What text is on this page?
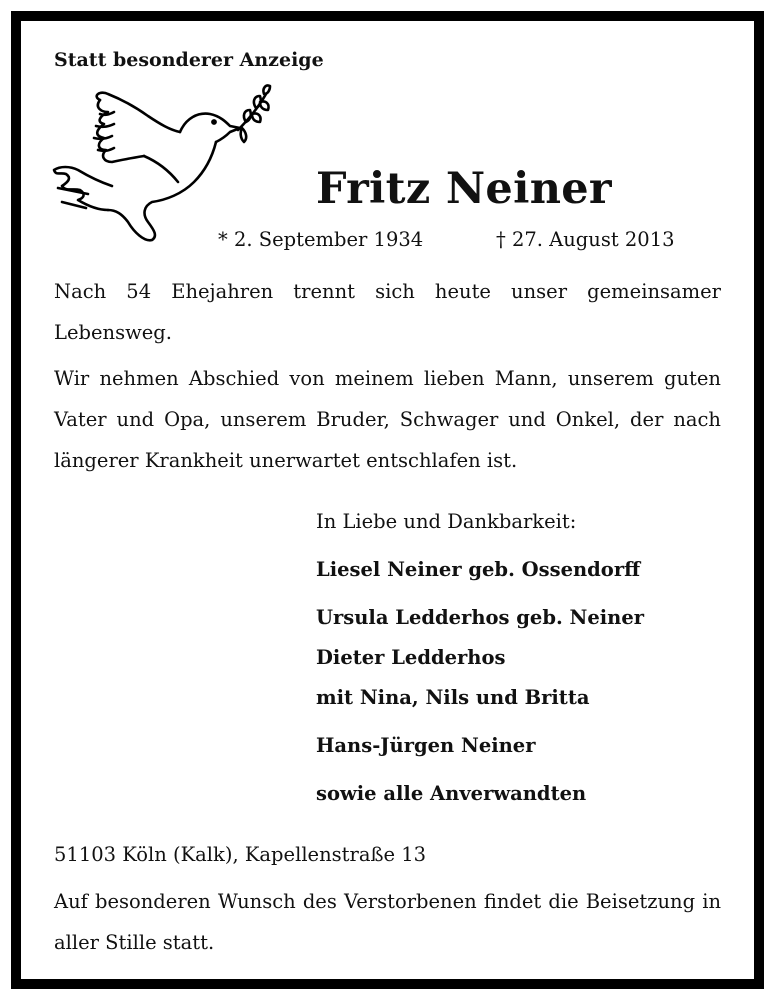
Statt besonderer Anzeige

Fritz Neiner

* 2. September 1934	† 27. August 2013

Nach 54 Ehejahren trennt sich heute unser gemeinsamer Lebensweg.

Wir nehmen Abschied von meinem lieben Mann, unserem guten Vater und Opa, unserem Bruder, Schwager und Onkel, der nach längerer Krankheit unerwartet entschlafen ist.

In Liebe und Dankbarkeit:

Liesel Neiner geb. Ossendorff

Ursula Ledderhos geb. Neiner

Dieter Ledderhos

mit Nina, Nils und Britta

Hans-Jürgen Neiner

sowie alle Anverwandten

51103 Köln (Kalk), Kapellenstraße 13

Auf besonderen Wunsch des Verstorbenen findet die Beisetzung in aller Stille statt.
